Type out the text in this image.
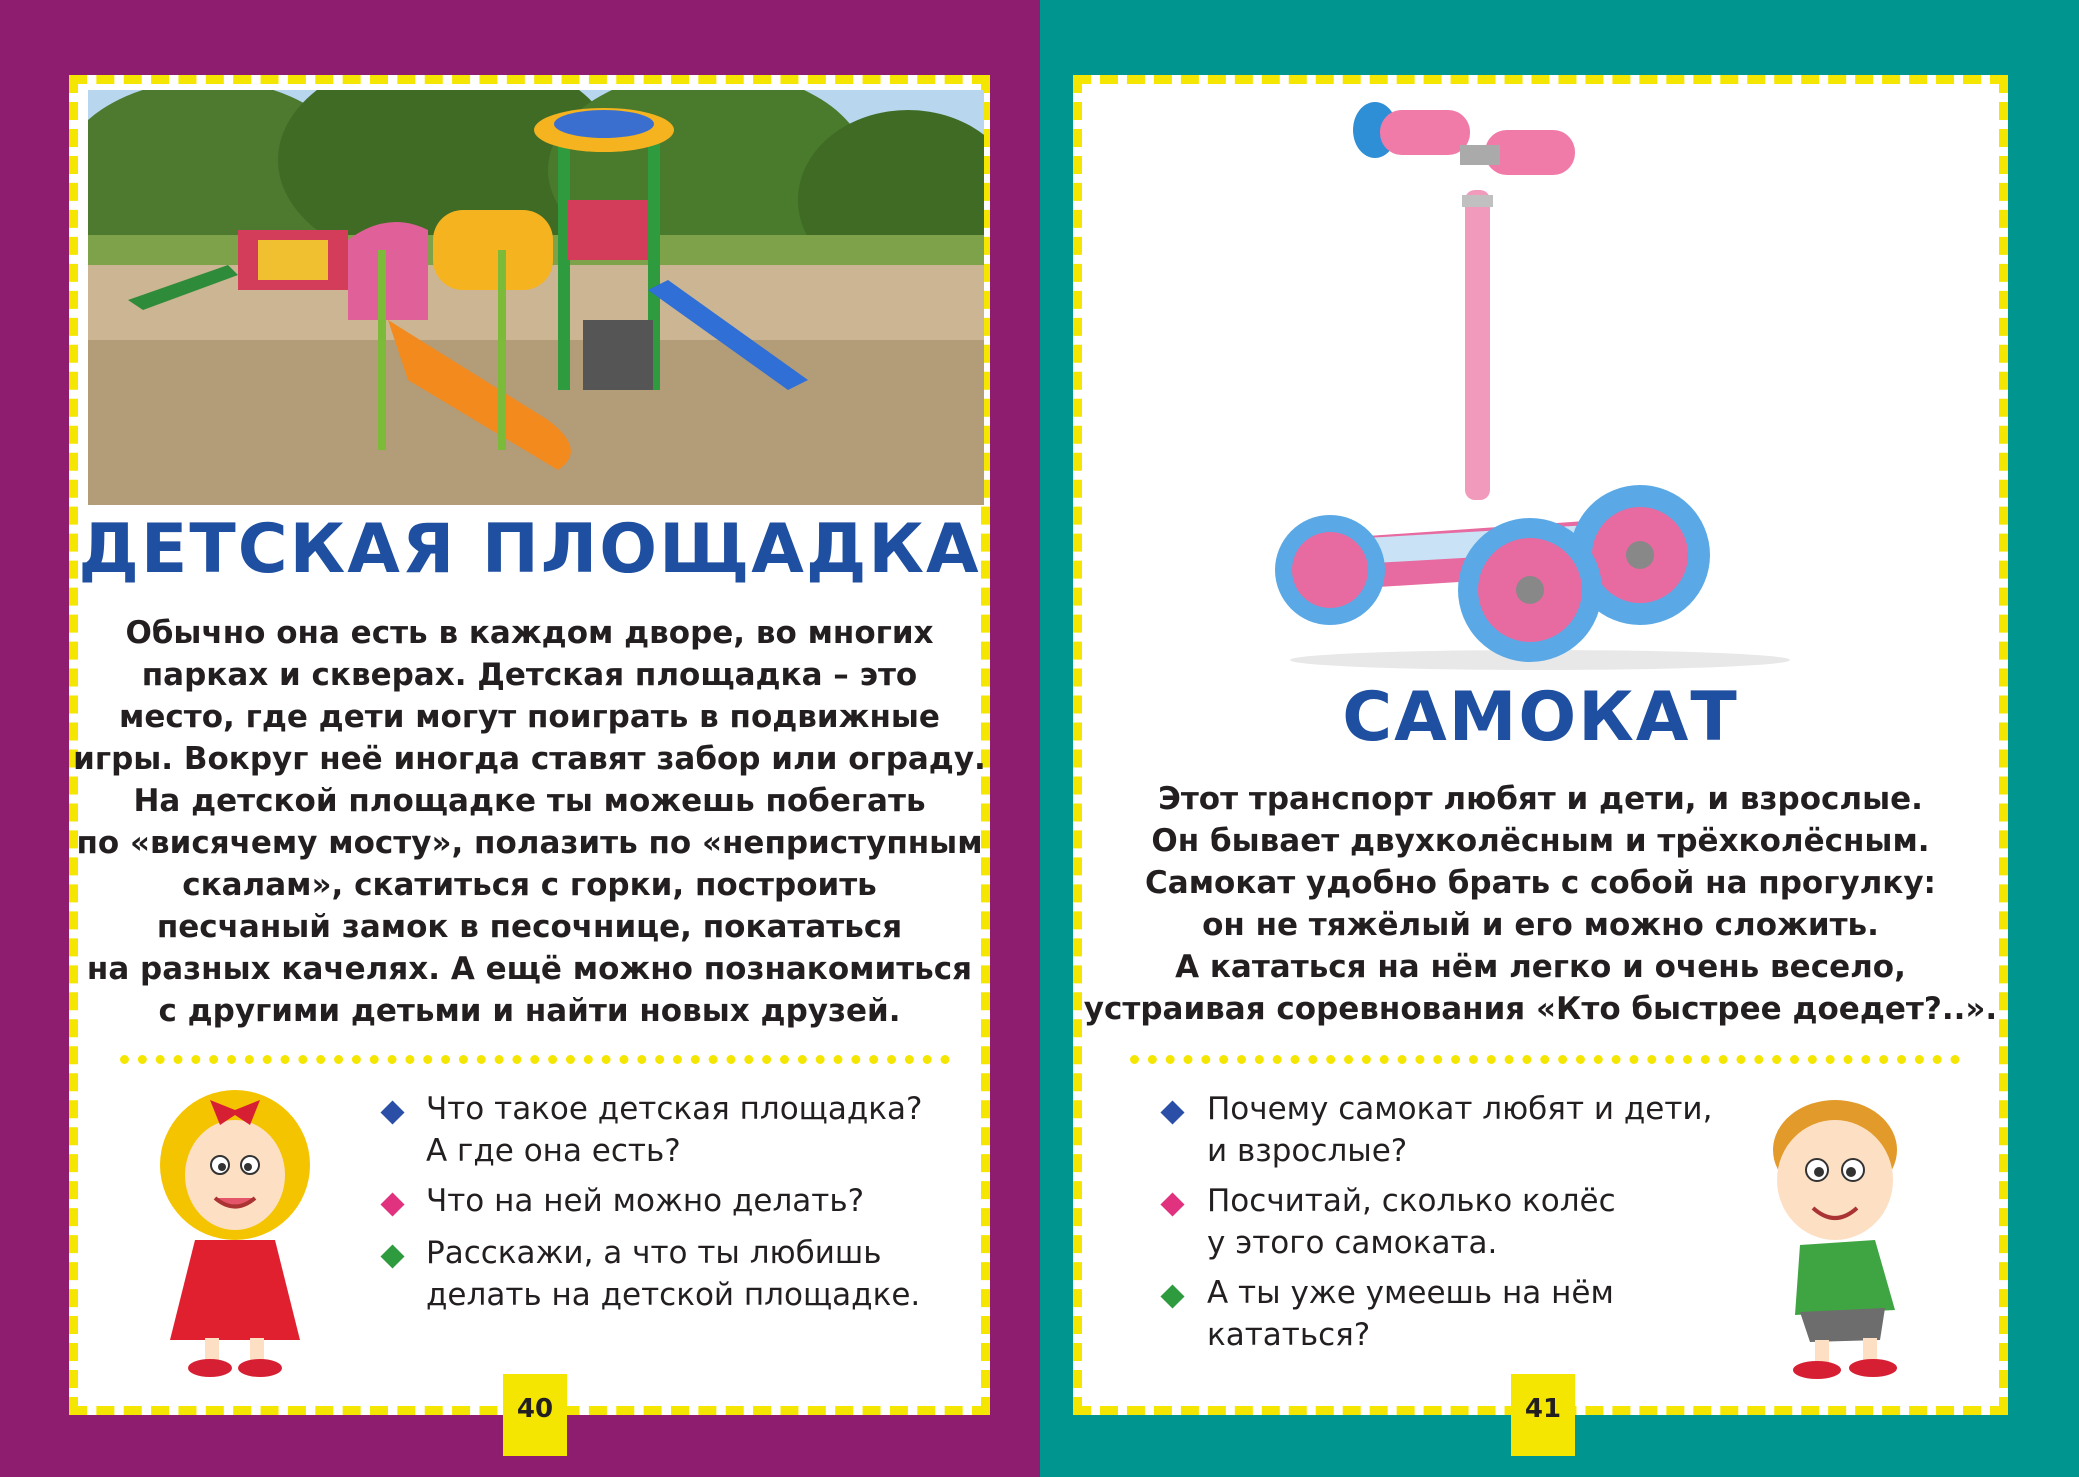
ДЕТСКАЯ ПЛОЩАДКА
Обычно она есть в каждом дворе, во многих
парках и скверах. Детская площадка – это
место, где дети могут поиграть в подвижные
игры. Вокруг неё иногда ставят забор или ограду.
На детской площадке ты можешь побегать
по «висячему мосту», полазить по «неприступным
скалам», скатиться с горки, построить
песчаный замок в песочнице, покататься
на разных качелях. А ещё можно познакомиться
с другими детьми и найти новых друзей.
Что такое детская площадка?
А где она есть?
Что на ней можно делать?
Расскажи, а что ты любишь
делать на детской площадке.
40
САМОКАТ
Этот транспорт любят и дети, и взрослые.
Он бывает двухколёсным и трёхколёсным.
Самокат удобно брать с собой на прогулку:
он не тяжёлый и его можно сложить.
А кататься на нём легко и очень весело,
устраивая соревнования «Кто быстрее доедет?..».
Почему самокат любят и дети,
и взрослые?
Посчитай, сколько колёс
у этого самоката.
А ты уже умеешь на нём
кататься?
41
